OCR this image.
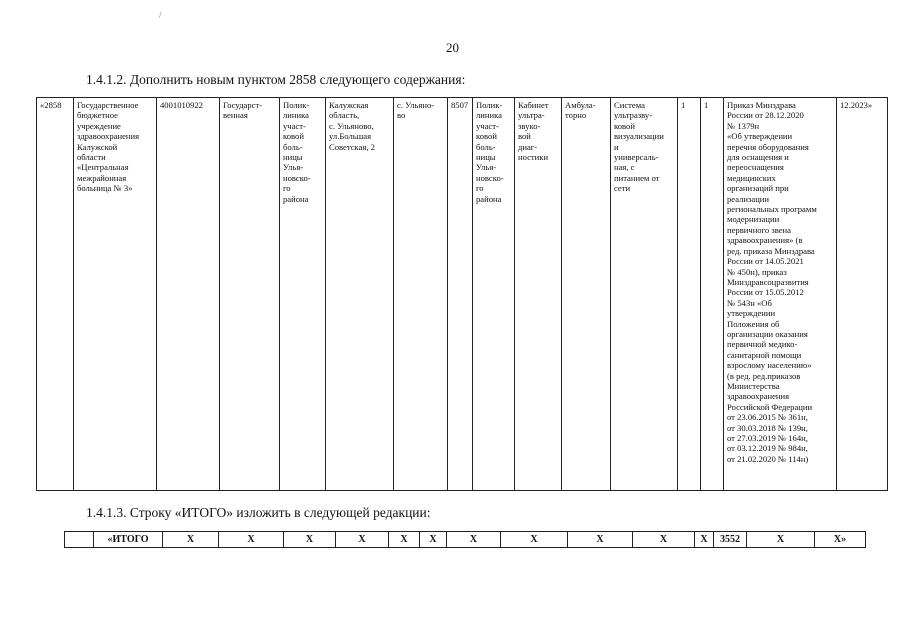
/
20
1.4.1.2. Дополнить новым пунктом 2858 следующего содержания:
«2858	Государственное
бюджетное
учреждение
здравоохранения
Калужской
области
«Центральная
межрайонная
больница № 3»	4001010922	Государст-
венная	Полик-
линика
участ-
ковой
боль-
ницы
Улья-
новско-
го
района	Калужская
область,
с. Ульяново,
ул.Большая
Советская, 2	с. Ульяно-
во	8507	Полик-
линика
участ-
ковой
боль-
ницы
Улья-
новско-
го
района	Кабинет
ультра-
звуко-
вой
диаг-
ностики	Амбула-
торно	Система
ультразву-
ковой
визуализации
и
универсаль-
ная, с
питанием от
сети	1	1	Приказ Минздрава
России от 28.12.2020
№ 1379н
«Об утверждении
перечня оборудования
для оснащения и
переоснащения
медицинских
организаций при
реализации
региональных программ
модернизации
первичного звена
здравоохранения» (в
ред. приказа Минздрава
России от 14.05.2021
№ 450н), приказ
Минздравсоцразвития
России от 15.05.2012
№ 543н «Об
утверждении
Положения об
организации оказания
первичной медико-
санитарной помощи
взрослому населению»
(в ред. ред.приказов
Министерства
здравоохранения
Российской Федерации
от 23.06.2015 № 361н,
от 30.03.2018 № 139н,
от 27.03.2019 № 164н,
от 03.12.2019 № 984н,
от 21.02.2020 № 114н)	12.2023»
1.4.1.3. Строку «ИТОГО» изложить в следующей редакции:
	«ИТОГО	Х	Х	Х	Х	Х	Х	Х	Х	Х	Х	Х	3552	Х	Х»
